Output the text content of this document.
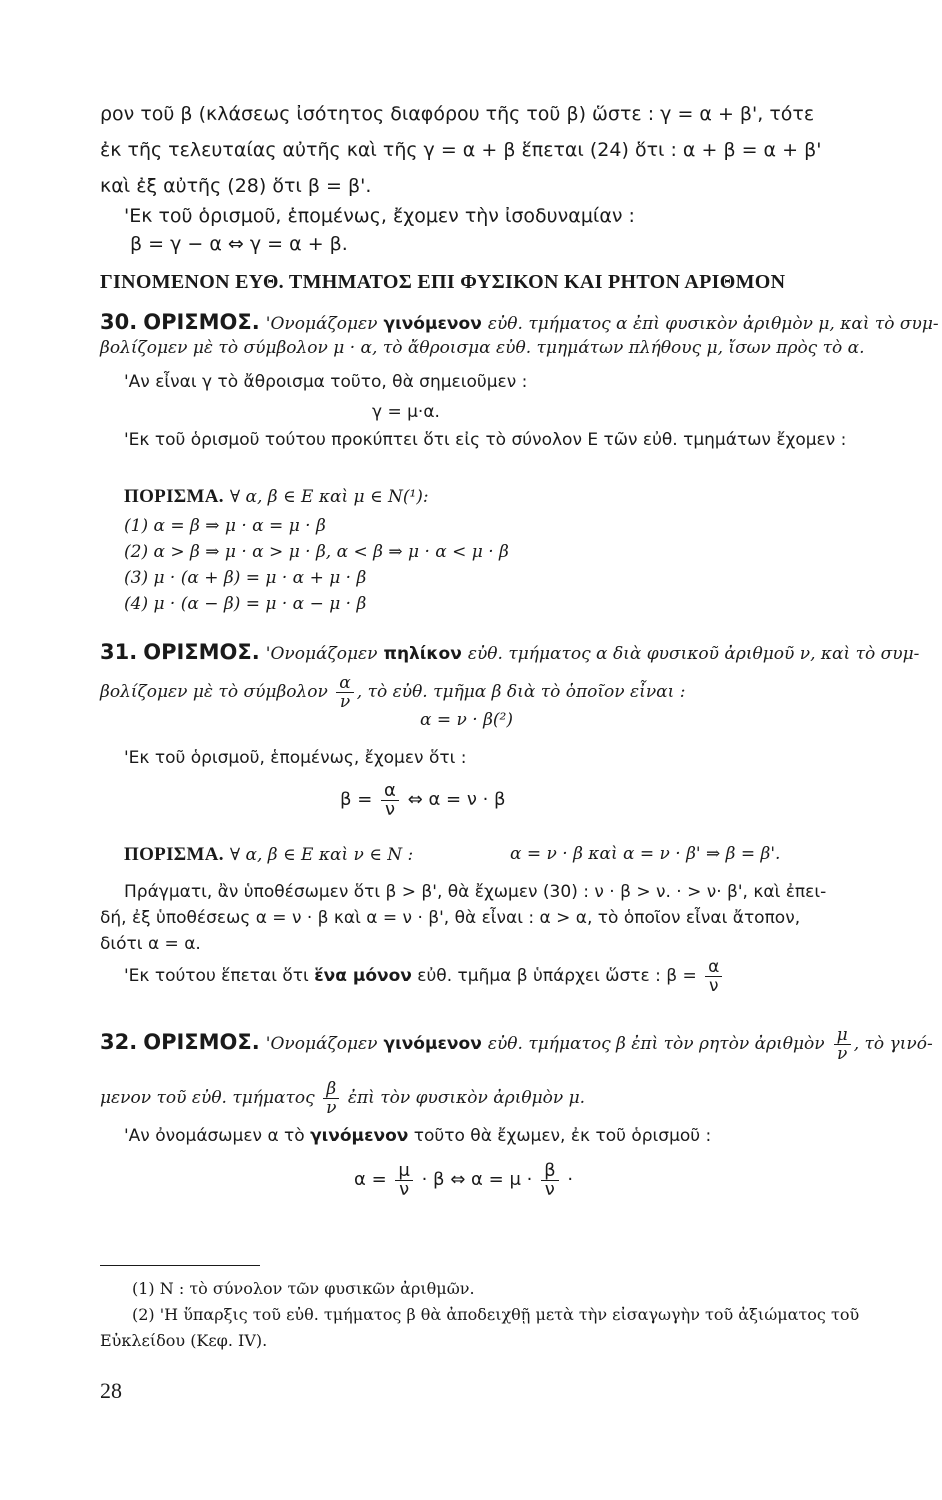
ρον τοῦ β (κλάσεως ἰσότητος διαφόρου τῆς τοῦ β) ὥστε : γ = α + β', τότε
ἐκ τῆς τελευταίας αὐτῆς καὶ τῆς γ = α + β ἕπεται (24) ὅτι : α + β = α + β'
καὶ ἐξ αὐτῆς (28) ὅτι β = β'.
'Εκ τοῦ ὁρισμοῦ, ἑπομένως, ἔχομεν τὴν ἰσοδυναμίαν :
β = γ − α ⇔ γ = α + β.
ΓΙΝΟΜΕΝΟΝ ΕΥΘ. ΤΜΗΜΑΤΟΣ ΕΠΙ ΦΥΣΙΚΟΝ ΚΑΙ ΡΗΤΟΝ ΑΡΙΘΜΟΝ
30. ΟΡΙΣΜΟΣ. 'Ονομάζομεν γινόμενον εὐθ. τμήματος α ἐπὶ φυσικὸν ἀριθμὸν μ, καὶ τὸ συμ-
βολίζομεν μὲ τὸ σύμβολον μ · α, τὸ ἄθροισμα εὐθ. τμημάτων πλήθους μ, ἴσων πρὸς τὸ α.
'Αν εἶναι γ τὸ ἄθροισμα τοῦτο, θὰ σημειοῦμεν :
γ = μ·α.
'Εκ τοῦ ὁρισμοῦ τούτου προκύπτει ὅτι εἰς τὸ σύνολον Ε τῶν εὐθ. τμημάτων ἔχομεν :
ΠΟΡΙΣΜΑ. ∀ α, β ∈ Ε καὶ μ ∈ N(¹):
(1) α = β ⇒ μ · α = μ · β
(2) α > β ⇒ μ · α > μ · β, α < β ⇒ μ · α < μ · β
(3) μ · (α + β) = μ · α + μ · β
(4) μ · (α − β) = μ · α − μ · β
31. ΟΡΙΣΜΟΣ. 'Ονομάζομεν πηλίκον εὐθ. τμήματος α διὰ φυσικοῦ ἀριθμοῦ ν, καὶ τὸ συμ-
βολίζομεν μὲ τὸ σύμβολον $\frac{\alpha}{\nu}$ , τὸ εὐθ. τμῆμα β διὰ τὸ ὁποῖον εἶναι :
α = ν · β(²)
'Εκ τοῦ ὁρισμοῦ, ἑπομένως, ἔχομεν ὅτι :
$\beta = \frac{\alpha}{\nu}$ ⇔ α = ν · β
ΠΟΡΙΣΜΑ. ∀ α, β ∈ Ε καὶ ν ∈ N :	α = ν · β καὶ α = ν · β' ⇒ β = β'.
Πράγματι, ἂν ὑποθέσωμεν ὅτι β > β', θὰ ἔχωμεν (30) : ν · β > ν. · > ν· β', καὶ ἐπει-
δή, ἐξ ὑποθέσεως α = ν · β καὶ α = ν · β', θὰ εἶναι : α > α, τὸ ὁποῖον εἶναι ἄτοπον,
διότι α = α.
'Εκ τούτου ἕπεται ὅτι ἕνα μόνον εὐθ. τμῆμα β ὑπάρχει ὥστε : $\beta = \frac{\alpha}{\nu}$
32. ΟΡΙΣΜΟΣ. 'Ονομάζομεν γινόμενον εὐθ. τμήματος β ἐπὶ τὸν ρητὸν ἀριθμὸν $\frac{\mu}{\nu}$ , τὸ γινό-
μενον τοῦ εὐθ. τμήματος $\frac{\beta}{\nu}$ ἐπὶ τὸν φυσικὸν ἀριθμὸν μ.
'Αν ὀνομάσωμεν α τὸ γινόμενον τοῦτο θὰ ἔχωμεν, ἐκ τοῦ ὁρισμοῦ :
$\alpha = \frac{\mu}{\nu} \cdot \beta$ ⇔ $\alpha = \mu \cdot \frac{\beta}{\nu}$ ·
(1) N : τὸ σύνολον τῶν φυσικῶν ἀριθμῶν.
(2) 'Η ὕπαρξις τοῦ εὐθ. τμήματος β θὰ ἀποδειχθῇ μετὰ τὴν εἰσαγωγὴν τοῦ ἀξιώματος τοῦ
Εὐκλείδου (Κεφ. IV).
28
